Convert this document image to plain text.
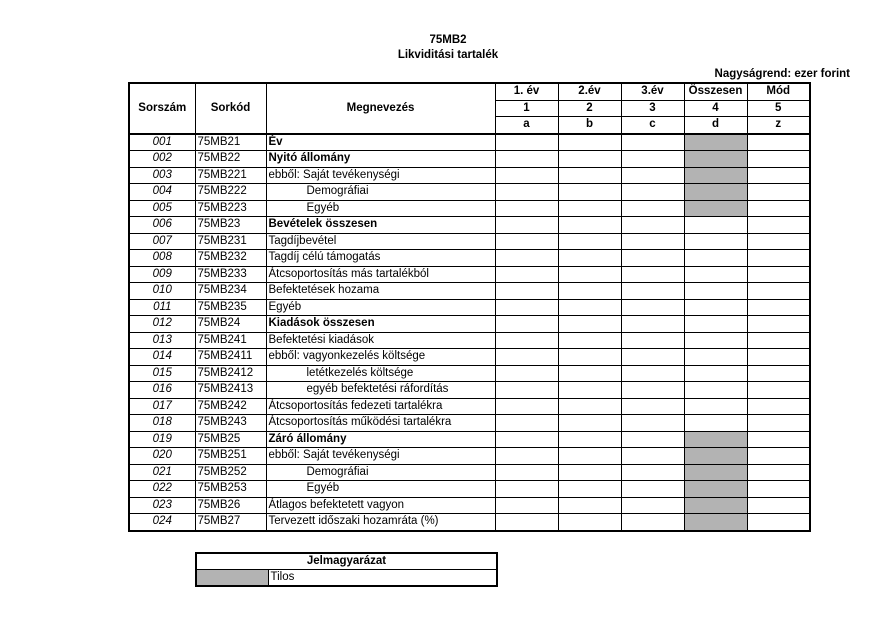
75MB2
Likviditási tartalék
Nagyságrend: ezer forint
Sorszám	Sorkód	Megnevezés	1. év	2.év	3.év	Összesen	Mód
			1	2	3	4	5
			a	b	c	d	z
001	75MB21	Év					
002	75MB22	Nyitó állomány					
003	75MB221	ebből: Saját tevékenységi					
004	75MB222	Demográfiai					
005	75MB223	Egyéb					
006	75MB23	Bevételek összesen					
007	75MB231	Tagdíjbevétel					
008	75MB232	Tagdíj célú támogatás					
009	75MB233	Átcsoportosítás más tartalékból					
010	75MB234	Befektetések hozama					
011	75MB235	Egyéb					
012	75MB24	Kiadások összesen					
013	75MB241	Befektetési kiadások					
014	75MB2411	ebből: vagyonkezelés költsége					
015	75MB2412	letétkezelés költsége					
016	75MB2413	egyéb befektetési ráfordítás					
017	75MB242	Átcsoportosítás fedezeti tartalékra					
018	75MB243	Átcsoportosítás működési tartalékra					
019	75MB25	Záró állomány					
020	75MB251	ebből: Saját tevékenységi					
021	75MB252	Demográfiai					
022	75MB253	Egyéb					
023	75MB26	Átlagos befektetett vagyon					
024	75MB27	Tervezett időszaki hozamráta (%)					
Jelmagyarázat
	Tilos
